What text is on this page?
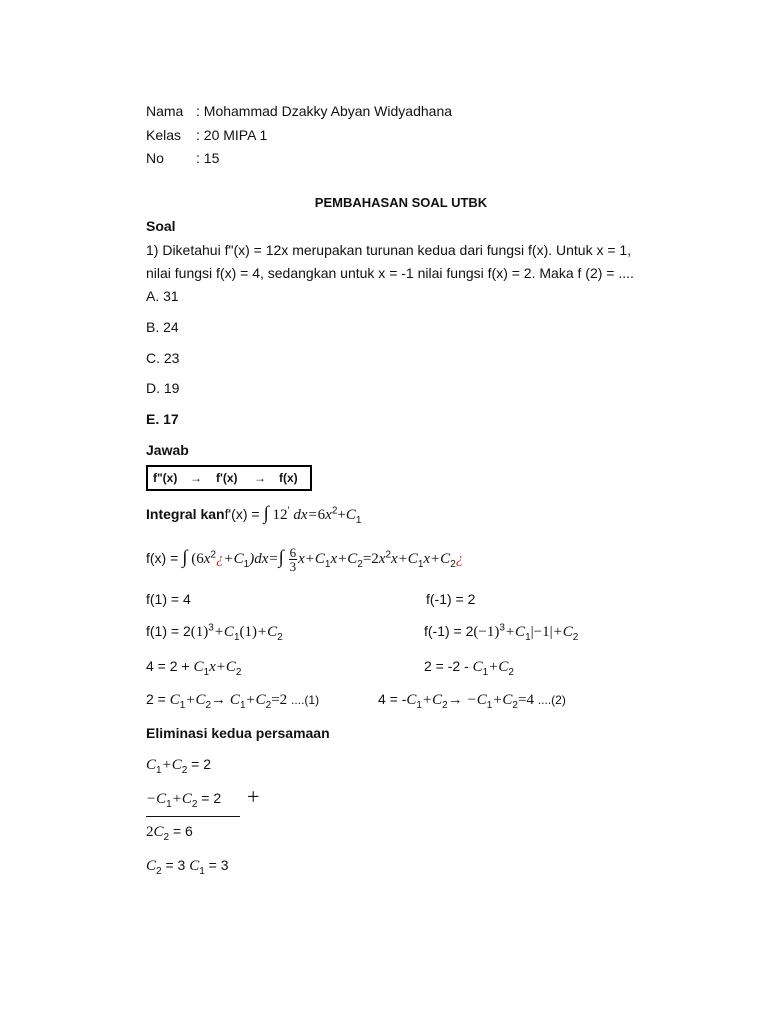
Nama : Mohammad Dzakky Abyan Widyadhana
Kelas : 20 MIPA 1
No : 15
PEMBAHASAN SOAL UTBK
Soal
1) Diketahui f"(x) = 12x merupakan turunan kedua dari fungsi f(x). Untuk x = 1,
nilai fungsi f(x) = 4, sedangkan untuk x = -1 nilai fungsi f(x) = 2. Maka f (2) = ....
A. 31
B. 24
C. 23
D. 19
E. 17
Jawab
f"(x) → f'(x) → f(x)
Integral kanf'(x) = ∫ 12' $dx=6x^2+C_1$
f(x) = ∫ $(6x^2¿+C_1)dx=\int \frac{6}{3}$ $x+C_1x+C_2=2x^2x+C_1x+C_2¿$
f(1) = 4
$f(1) = 2(1)^3+C_1(1)+C_2$
$4 = 2 + C_1x+C_2$
$2 = C_1+C_2\to C_1+C_2=2$ ....(1)
f(-1) = 2
$f(-1) = 2(-1)^3+C_1|-1|+C_2$
$2 = -2 - C_1+C_2$
$4 = -C_1+C_2\to -C_1+C_2=4$ ....(2)
Eliminasi kedua persamaan
$C_1+C_2 = 2$
$-C_1+C_2 = 2$ +
$2C_2 = 6$
$C_2 = 3$ $C_1 = 3$
